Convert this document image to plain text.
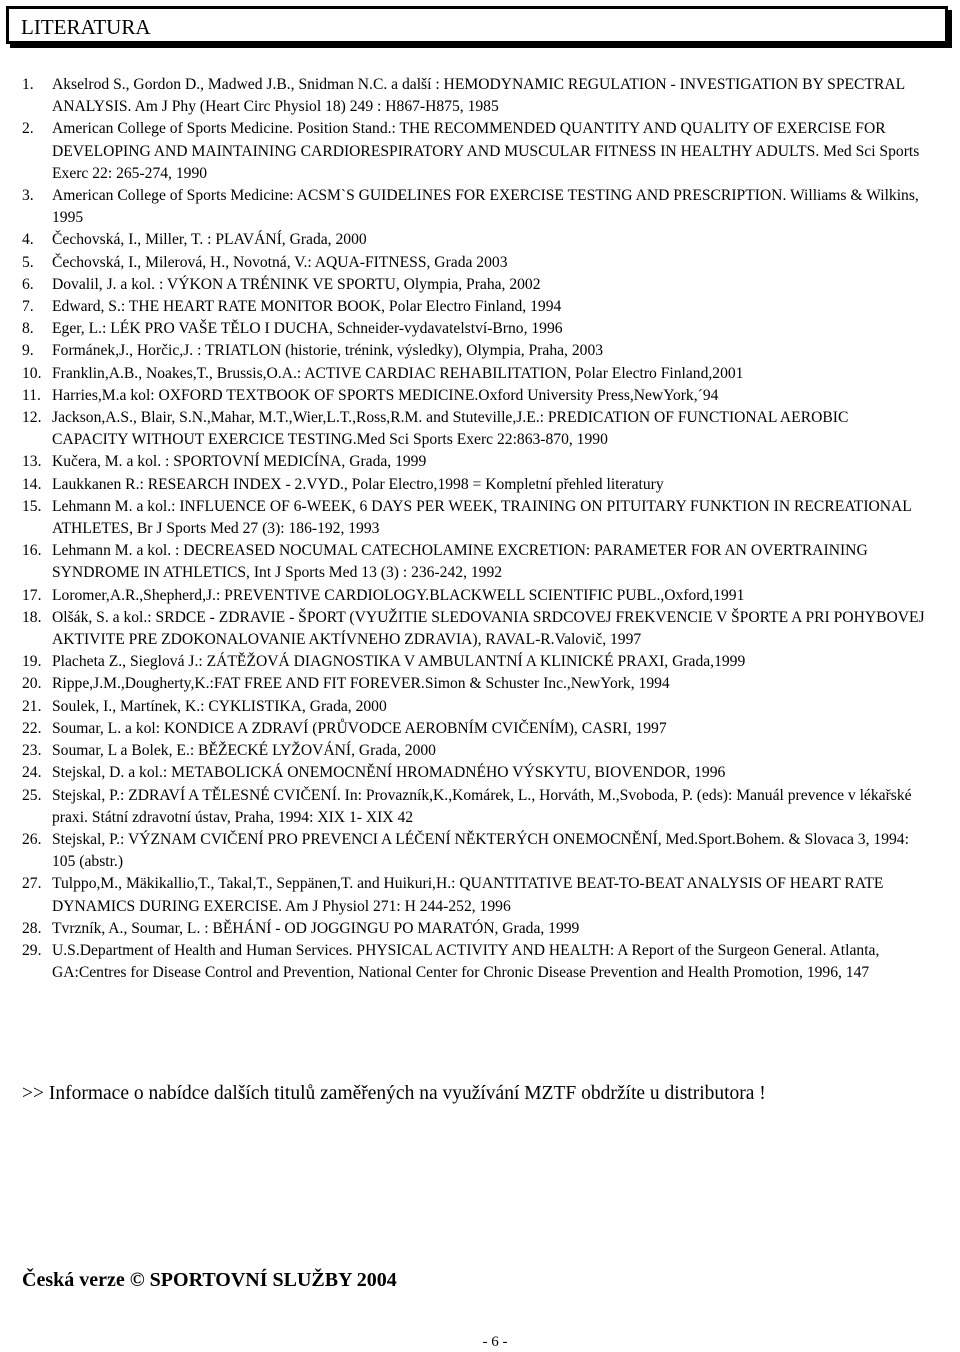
LITERATURA
1. Akselrod S., Gordon D., Madwed J.B., Snidman N.C. a další : HEMODYNAMIC REGULATION - INVESTIGATION BY SPECTRAL ANALYSIS. Am J Phy (Heart Circ Physiol 18) 249 : H867-H875, 1985
2. American College of Sports Medicine. Position Stand.: THE RECOMMENDED QUANTITY AND QUALITY OF EXERCISE FOR DEVELOPING AND MAINTAINING CARDIORESPIRATORY AND MUSCULAR FITNESS IN HEALTHY ADULTS. Med Sci Sports Exerc 22: 265-274, 1990
3. American College of Sports Medicine: ACSM`S GUIDELINES FOR EXERCISE TESTING AND PRESCRIPTION. Williams & Wilkins, 1995
4. Čechovská, I., Miller, T. : PLAVÁNÍ, Grada, 2000
5. Čechovská, I., Milerová, H., Novotná, V.: AQUA-FITNESS, Grada 2003
6. Dovalil, J. a kol. : VÝKON A TRÉNINK VE SPORTU, Olympia, Praha, 2002
7. Edward, S.: THE HEART RATE MONITOR BOOK, Polar Electro Finland, 1994
8. Eger, L.: LÉK PRO VAŠE TĚLO I DUCHA, Schneider-vydavatelství-Brno, 1996
9. Formánek,J., Horčic,J. : TRIATLON (historie, trénink, výsledky), Olympia, Praha, 2003
10. Franklin,A.B., Noakes,T., Brussis,O.A.: ACTIVE CARDIAC REHABILITATION, Polar Electro Finland,2001
11. Harries,M.a kol: OXFORD TEXTBOOK OF SPORTS MEDICINE.Oxford University Press,NewYork,´94
12. Jackson,A.S., Blair, S.N.,Mahar, M.T.,Wier,L.T.,Ross,R.M. and Stuteville,J.E.: PREDICATION OF FUNCTIONAL AEROBIC CAPACITY WITHOUT EXERCICE TESTING.Med Sci Sports Exerc 22:863-870, 1990
13. Kučera, M. a kol. : SPORTOVNÍ MEDICÍNA, Grada, 1999
14. Laukkanen R.: RESEARCH INDEX - 2.VYD., Polar Electro,1998 = Kompletní přehled literatury
15. Lehmann M. a kol.: INFLUENCE OF 6-WEEK, 6 DAYS PER WEEK, TRAINING ON PITUITARY FUNKTION IN RECREATIONAL ATHLETES, Br J Sports Med 27 (3): 186-192, 1993
16. Lehmann M. a kol. : DECREASED NOCUMAL CATECHOLAMINE EXCRETION: PARAMETER FOR AN OVERTRAINING SYNDROME IN ATHLETICS, Int J Sports Med 13 (3) : 236-242, 1992
17. Loromer,A.R.,Shepherd,J.: PREVENTIVE CARDIOLOGY.BLACKWELL SCIENTIFIC PUBL.,Oxford,1991
18. Olšák, S. a kol.: SRDCE - ZDRAVIE - ŠPORT (VYUŽITIE SLEDOVANIA SRDCOVEJ FREKVENCIE V ŠPORTE A PRI POHYBOVEJ AKTIVITE PRE ZDOKONALOVANIE AKTÍVNEHO ZDRAVIA), RAVAL-R.Valovič, 1997
19. Placheta Z., Sieglová J.: ZÁTĚŽOVÁ DIAGNOSTIKA V AMBULANTNÍ A KLINICKÉ PRAXI, Grada,1999
20. Rippe,J.M.,Dougherty,K.:FAT FREE AND FIT FOREVER.Simon & Schuster Inc.,NewYork, 1994
21. Soulek, I., Martínek, K.: CYKLISTIKA, Grada, 2000
22. Soumar, L. a kol: KONDICE A ZDRAVÍ (PRŮVODCE AEROBNÍM CVIČENÍM), CASRI, 1997
23. Soumar, L a Bolek, E.: BĚŽECKÉ LYŽOVÁNÍ, Grada, 2000
24. Stejskal, D. a kol.: METABOLICKÁ ONEMOCNĚNÍ HROMADNÉHO VÝSKYTU, BIOVENDOR, 1996
25. Stejskal, P.: ZDRAVÍ A TĚLESNÉ CVIČENÍ. In: Provazník,K.,Komárek, L., Horváth, M.,Svoboda, P. (eds): Manuál prevence v lékařské praxi. Státní zdravotní ústav, Praha, 1994: XIX 1- XIX 42
26. Stejskal, P.: VÝZNAM CVIČENÍ PRO PREVENCI A LÉČENÍ NĚKTERÝCH ONEMOCNĚNÍ, Med.Sport.Bohem. & Slovaca 3, 1994: 105 (abstr.)
27. Tulppo,M., Mäkikallio,T., Takal,T., Seppänen,T. and Huikuri,H.: QUANTITATIVE BEAT-TO-BEAT ANALYSIS OF HEART RATE DYNAMICS DURING EXERCISE. Am J Physiol 271: H 244-252, 1996
28. Tvrzník, A., Soumar, L. : BĚHÁNÍ - OD JOGGINGU PO MARATÓN, Grada, 1999
29. U.S.Department of Health and Human Services. PHYSICAL ACTIVITY AND HEALTH: A Report of the Surgeon General. Atlanta, GA:Centres for Disease Control and Prevention, National Center for Chronic Disease Prevention and Health Promotion, 1996, 147
>> Informace o nabídce dalších titulů zaměřených na využívání MZTF obdržíte u distributora !
Česká verze © SPORTOVNÍ SLUŽBY 2004
- 6 -
